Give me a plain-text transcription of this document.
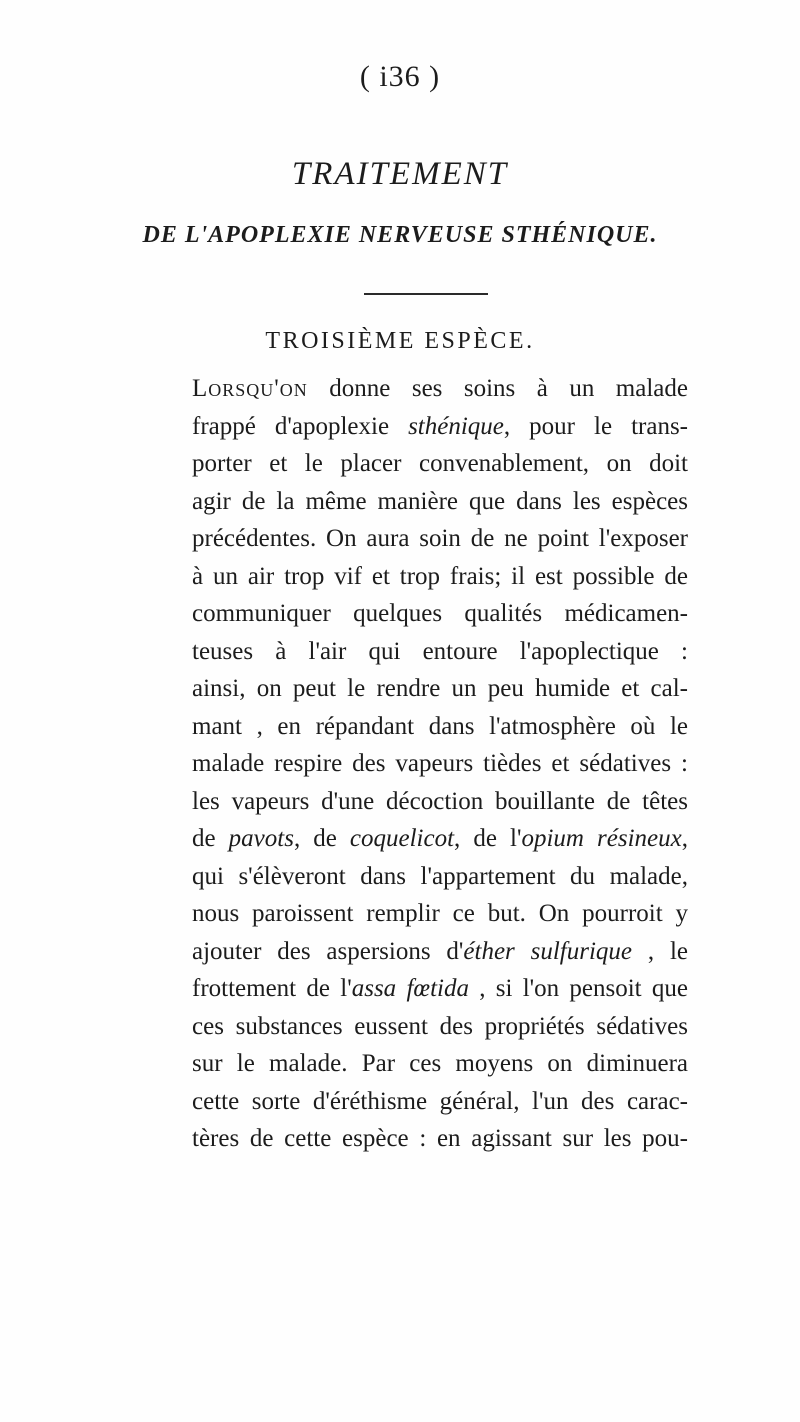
( i36 )
TRAITEMENT
DE L'APOPLEXIE NERVEUSE STHÉNIQUE.
TROISIÈME ESPÈCE.
Lorsqu'on donne ses soins à un malade
frappé d'apoplexie sthénique, pour le trans-
porter et le placer convenablement, on doit
agir de la même manière que dans les espèces
précédentes. On aura soin de ne point l'exposer
à un air trop vif et trop frais; il est possible de
communiquer quelques qualités médicamen-
teuses à l'air qui entoure l'apoplectique :
ainsi, on peut le rendre un peu humide et cal-
mant , en répandant dans l'atmosphère où le
malade respire des vapeurs tièdes et sédatives :
les vapeurs d'une décoction bouillante de têtes
de pavots, de coquelicot, de l'opium résineux,
qui s'élèveront dans l'appartement du malade,
nous paroissent remplir ce but. On pourroit y
ajouter des aspersions d'éther sulfurique , le
frottement de l'assa fœtida , si l'on pensoit que
ces substances eussent des propriétés sédatives
sur le malade. Par ces moyens on diminuera
cette sorte d'éréthisme général, l'un des carac-
tères de cette espèce : en agissant sur les pou-
